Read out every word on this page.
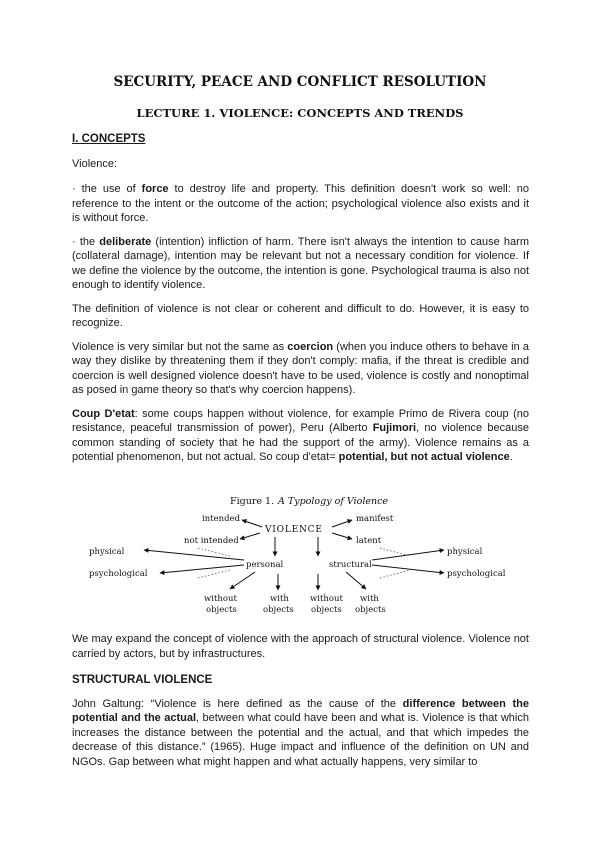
SECURITY, PEACE AND CONFLICT RESOLUTION
LECTURE 1. VIOLENCE: CONCEPTS AND TRENDS

I. CONCEPTS

Violence:

· the use of force to destroy life and property. This definition doesn't work so well: no reference to the intent or the outcome of the action; psychological violence also exists and it is without force.

· the deliberate (intention) infliction of harm. There isn't always the intention to cause harm (collateral damage), intention may be relevant but not a necessary condition for violence. If we define the violence by the outcome, the intention is gone. Psychological trauma is also not enough to identify violence.

The definition of violence is not clear or coherent and difficult to do. However, it is easy to recognize.

Violence is very similar but not the same as coercion (when you induce others to behave in a way they dislike by threatening them if they don't comply: mafia, if the threat is credible and coercion is well designed violence doesn't have to be used, violence is costly and nonoptimal as posed in game theory so that's why coercion happens).

Coup D'etat: some coups happen without violence, for example Primo de Rivera coup (no resistance, peaceful transmission of power), Peru (Alberto Fujimori, no violence because common standing of society that he had the support of the army). Violence remains as a potential phenomenon, but not actual. So coup d'etat= potential, but not actual violence.

Figure 1. A Typology of Violence
intended
VIOLENCE
manifest
not intended	latent
physical
psychological
physical
psychological
personal	structural
without
objects
with
objects
without
objects
with
objects

We may expand the concept of violence with the approach of structural violence. Violence not carried by actors, but by infrastructures.

STRUCTURAL VIOLENCE

John Galtung: “Violence is here defined as the cause of the difference between the potential and the actual, between what could have been and what is. Violence is that which increases the distance between the potential and the actual, and that which impedes the decrease of this distance.” (1965). Huge impact and influence of the definition on UN and NGOs. Gap between what might happen and what actually happens, very similar to
